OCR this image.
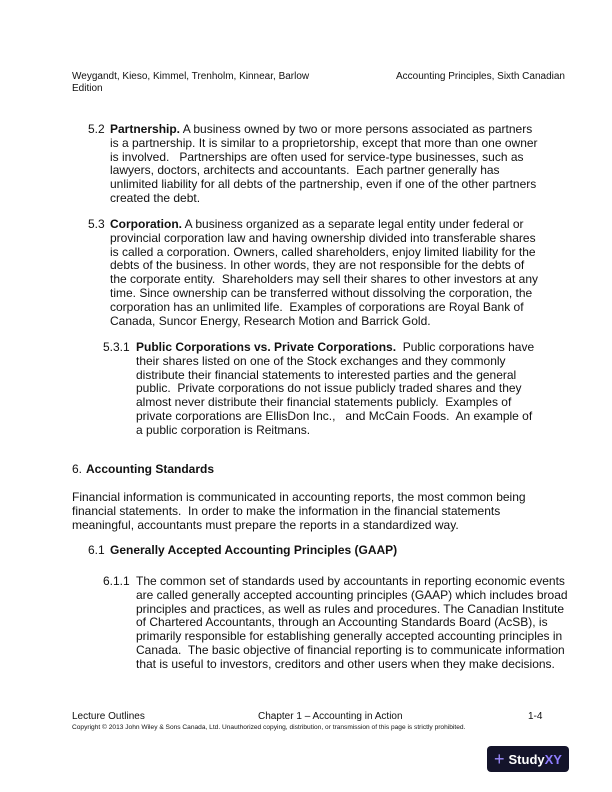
Weygandt, Kieso, Kimmel, Trenholm, Kinnear, Barlow
Edition
Accounting Principles, Sixth Canadian
5.2 Partnership. A business owned by two or more persons associated as partners
is a partnership. It is similar to a proprietorship, except that more than one owner
is involved.   Partnerships are often used for service-type businesses, such as
lawyers, doctors, architects and accountants.  Each partner generally has
unlimited liability for all debts of the partnership, even if one of the other partners
created the debt.
5.3 Corporation. A business organized as a separate legal entity under federal or
provincial corporation law and having ownership divided into transferable shares
is called a corporation. Owners, called shareholders, enjoy limited liability for the
debts of the business. In other words, they are not responsible for the debts of
the corporate entity.  Shareholders may sell their shares to other investors at any
time. Since ownership can be transferred without dissolving the corporation, the
corporation has an unlimited life.  Examples of corporations are Royal Bank of
Canada, Suncor Energy, Research Motion and Barrick Gold.
5.3.1 Public Corporations vs. Private Corporations.  Public corporations have
their shares listed on one of the Stock exchanges and they commonly
distribute their financial statements to interested parties and the general
public.  Private corporations do not issue publicly traded shares and they
almost never distribute their financial statements publicly.  Examples of
private corporations are EllisDon Inc.,   and McCain Foods.  An example of
a public corporation is Reitmans.
6. Accounting Standards
Financial information is communicated in accounting reports, the most common being
financial statements.  In order to make the information in the financial statements
meaningful, accountants must prepare the reports in a standardized way.
6.1 Generally Accepted Accounting Principles (GAAP)
6.1.1 The common set of standards used by accountants in reporting economic events
are called generally accepted accounting principles (GAAP) which includes broad
principles and practices, as well as rules and procedures. The Canadian Institute
of Chartered Accountants, through an Accounting Standards Board (AcSB), is
primarily responsible for establishing generally accepted accounting principles in
Canada.  The basic objective of financial reporting is to communicate information
that is useful to investors, creditors and other users when they make decisions.
Lecture Outlines	Chapter 1 – Accounting in Action	1-4
Copyright © 2013 John Wiley & Sons Canada, Ltd. Unauthorized copying, distribution, or transmission of this page is strictly prohibited.
+ StudyXY
